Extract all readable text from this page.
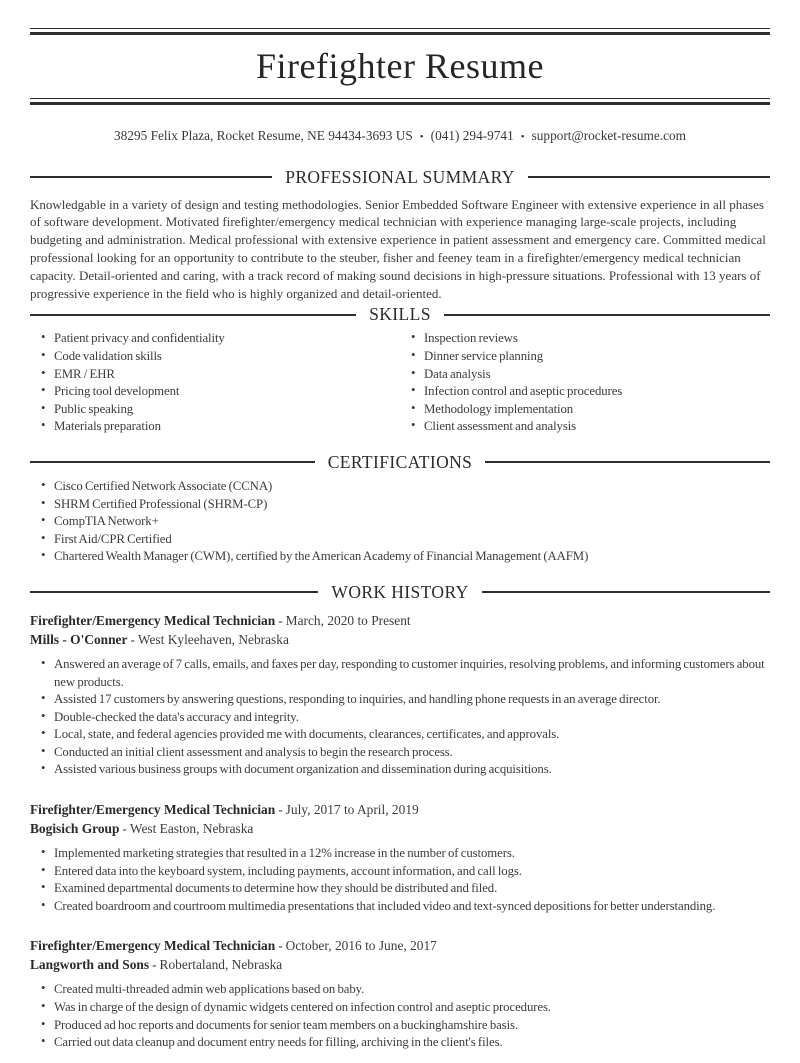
Firefighter Resume
38295 Felix Plaza, Rocket Resume, NE 94434-3693 US • (041) 294-9741 • support@rocket-resume.com
PROFESSIONAL SUMMARY

Knowledgable in a variety of design and testing methodologies. Senior Embedded Software Engineer with extensive experience in all phases of software development. Motivated firefighter/emergency medical technician with experience managing large-scale projects, including budgeting and administration. Medical professional with extensive experience in patient assessment and emergency care. Committed medical professional looking for an opportunity to contribute to the steuber, fisher and feeney team in a firefighter/emergency medical technician capacity. Detail-oriented and caring, with a track record of making sound decisions in high-pressure situations. Professional with 13 years of progressive experience in the field who is highly organized and detail-oriented.

SKILLS
• Patient privacy and confidentiality
• Code validation skills
• EMR / EHR
• Pricing tool development
• Public speaking
• Materials preparation
• Inspection reviews
• Dinner service planning
• Data analysis
• Infection control and aseptic procedures
• Methodology implementation
• Client assessment and analysis
CERTIFICATIONS
• Cisco Certified Network Associate (CCNA)
• SHRM Certified Professional (SHRM-CP)
• CompTIA Network+
• First Aid/CPR Certified
• Chartered Wealth Manager (CWM), certified by the American Academy of Financial Management (AAFM)
WORK HISTORY
Firefighter/Emergency Medical Technician - March, 2020 to Present
Mills - O'Conner - West Kyleehaven, Nebraska
• Answered an average of 7 calls, emails, and faxes per day, responding to customer inquiries, resolving problems, and informing customers about new products.
• Assisted 17 customers by answering questions, responding to inquiries, and handling phone requests in an average director.
• Double-checked the data's accuracy and integrity.
• Local, state, and federal agencies provided me with documents, clearances, certificates, and approvals.
• Conducted an initial client assessment and analysis to begin the research process.
• Assisted various business groups with document organization and dissemination during acquisitions.
Firefighter/Emergency Medical Technician - July, 2017 to April, 2019
Bogisich Group - West Easton, Nebraska
• Implemented marketing strategies that resulted in a 12% increase in the number of customers.
• Entered data into the keyboard system, including payments, account information, and call logs.
• Examined departmental documents to determine how they should be distributed and filed.
• Created boardroom and courtroom multimedia presentations that included video and text-synced depositions for better understanding.
Firefighter/Emergency Medical Technician - October, 2016 to June, 2017
Langworth and Sons - Robertaland, Nebraska
• Created multi-threaded admin web applications based on baby.
• Was in charge of the design of dynamic widgets centered on infection control and aseptic procedures.
• Produced ad hoc reports and documents for senior team members on a buckinghamshire basis.
• Carried out data cleanup and document entry needs for filling, archiving in the client's files.
